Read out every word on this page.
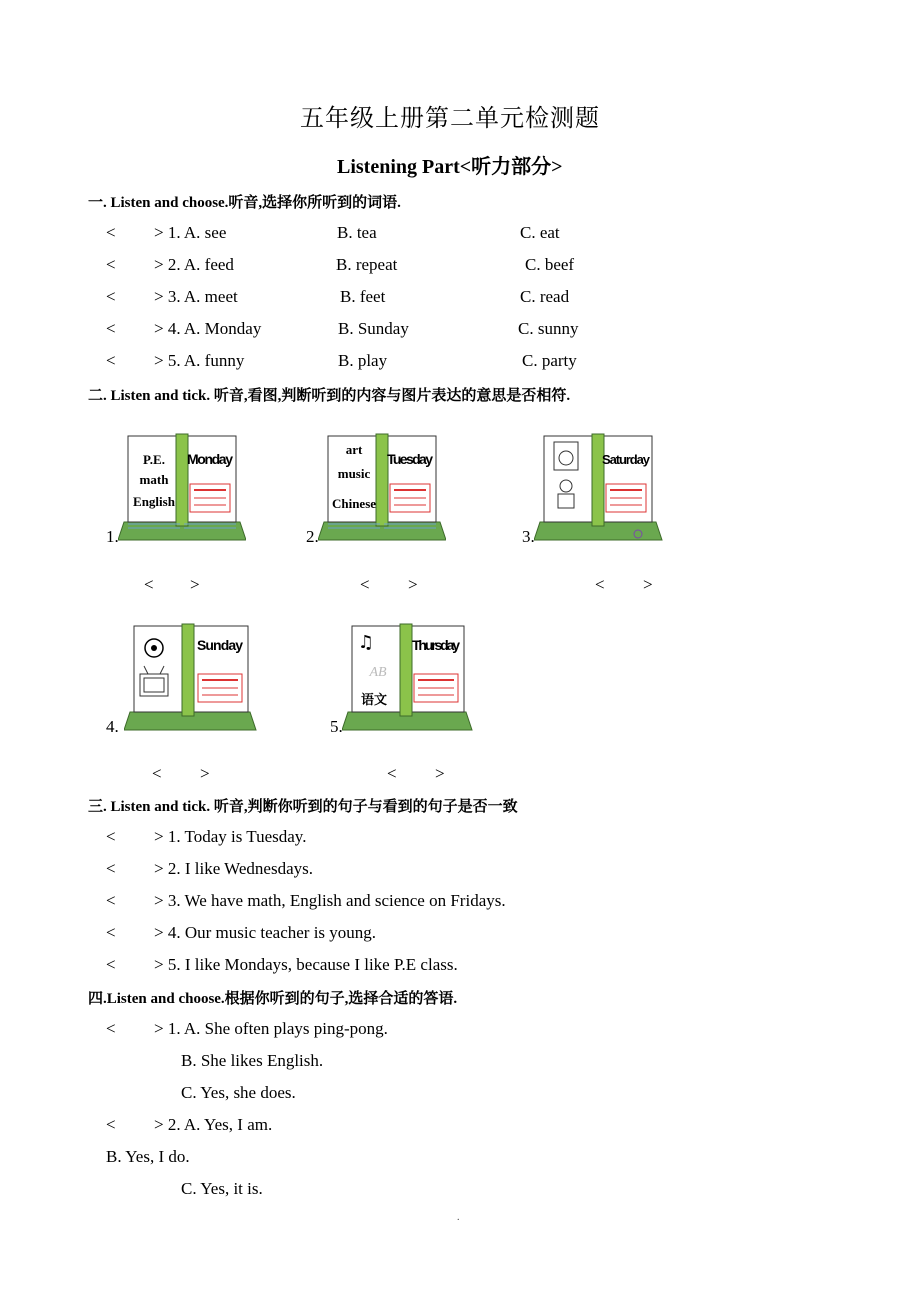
五年级上册第二单元检测题
Listening Part<听力部分>
一. Listen and choose.听音,选择你所听到的词语.
< > 1. A. see	B. tea	C. eat
< > 2. A. feed	B. repeat	C. beef
< > 3. A. meet	B. feet	C. read
< > 4. A. Monday	B. Sunday	C. sunny
< > 5. A. funny	B. play	C. party
二. Listen and tick. 听音,看图,判断听到的内容与图片表达的意思是否相符.
1.
P.E.
math
English
Monday
2.
art
music
Chinese
Tuesday
3.
Saturday
< >	< >	< >
4.
Sunday
5.
♫
AB
语文
Thursday
< >	< >
三. Listen and tick. 听音,判断你听到的句子与看到的句子是否一致
< > 1. Today is Tuesday.
< > 2. I like Wednesdays.
< > 3. We have math, English and science on Fridays.
< > 4. Our music teacher is young.
< > 5. I like Mondays, because I like P.E class.
四.Listen and choose.根据你听到的句子,选择合适的答语.
< > 1. A. She often plays ping-pong.
B. She likes English.
C. Yes, she does.
< > 2. A. Yes, I am.
B. Yes, I do.
C. Yes, it is.
.
